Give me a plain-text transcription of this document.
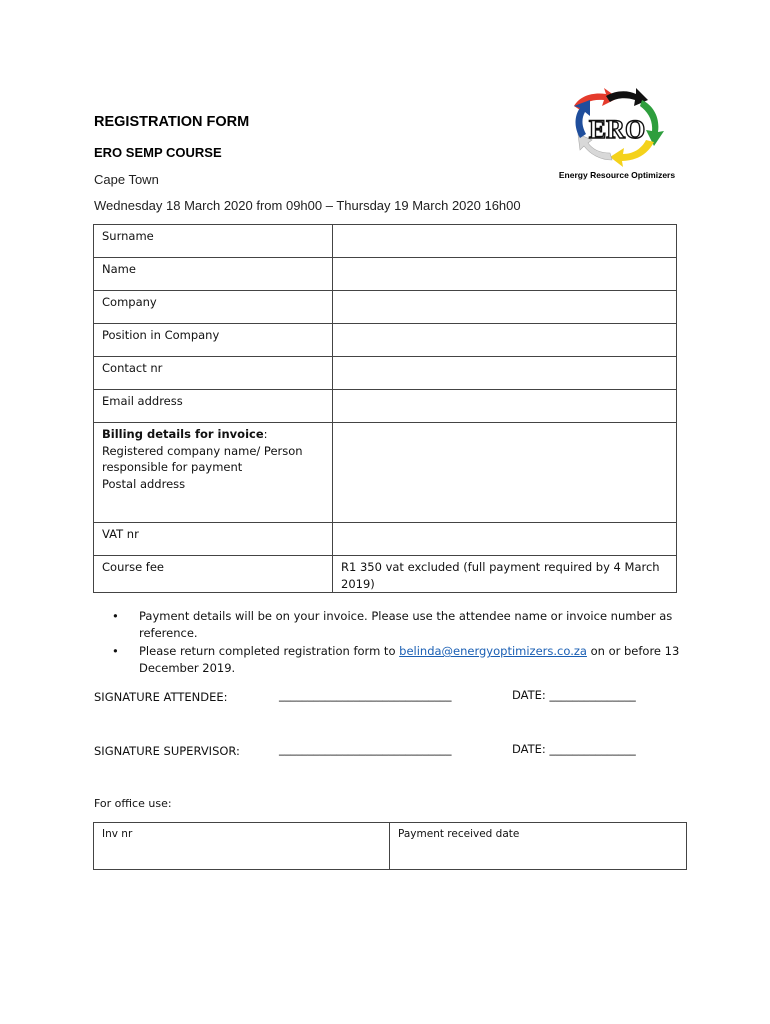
REGISTRATION FORM
ERO SEMP COURSE
Cape Town
Wednesday 18 March 2020 from 09h00 – Thursday 19 March 2020 16h00
ERO
Energy Resource Optimizers
Surname	
Name	
Company	
Position in Company	
Contact nr	
Email address	

Billing details for invoice:
Registered company name/ Person
responsible for payment
Postal address	

VAT nr	
Course fee	R1 350 vat excluded (full payment required by 4 March 2019)
• Payment details will be on your invoice. Please use the attendee name or invoice number as reference.
• Please return completed registration form to belinda@energyoptimizers.co.za on or before 13 December 2019.
SIGNATURE ATTENDEE:	______________________________	DATE: _______________
SIGNATURE SUPERVISOR:	______________________________	DATE: _______________
For office use:
Inv nr	Payment received date
